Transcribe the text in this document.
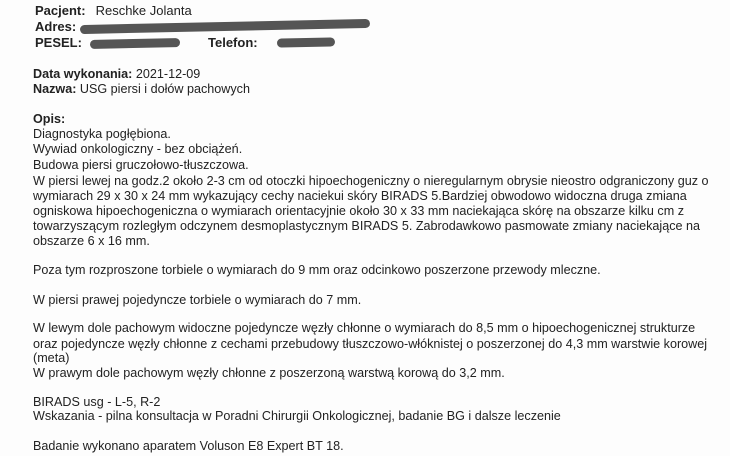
Pacjent: Reschke Jolanta
Adres:
PESEL:	Telefon:
Data wykonania: 2021-12-09
Nazwa: USG piersi i dołów pachowych
Opis:
Diagnostyka pogłębiona.
Wywiad onkologiczny - bez obciążeń.
Budowa piersi gruczołowo-tłuszczowa.
W piersi lewej na godz.2 około 2-3 cm od otoczki hipoechogeniczny o nieregularnym obrysie nieostro odgraniczony guz o
wymiarach 29 x 30 x 24 mm wykazujący cechy naciekui skóry BIRADS 5.Bardziej obwodowo widoczna druga zmiana
ogniskowa hipoechogeniczna o wymiarach orientacyjnie około 30 x 33 mm naciekająca skórę na obszarze kilku cm z
towarzyszącym rozległym odczynem desmoplastycznym BIRADS 5. Zabrodawkowo pasmowate zmiany naciekające na
obszarze 6 x 16 mm.
Poza tym rozproszone torbiele o wymiarach do 9 mm oraz odcinkowo poszerzone przewody mleczne.
W piersi prawej pojedyncze torbiele o wymiarach do 7 mm.
W lewym dole pachowym widoczne pojedyncze węzły chłonne o wymiarach do 8,5 mm o hipoechogenicznej strukturze
oraz pojedyncze węzły chłonne z cechami przebudowy tłuszczowo-włóknistej o poszerzonej do 4,3 mm warstwie korowej
(meta)
W prawym dole pachowym węzły chłonne z poszerzoną warstwą korową do 3,2 mm.
BIRADS usg - L-5, R-2
Wskazania - pilna konsultacja w Poradni Chirurgii Onkologicznej, badanie BG i dalsze leczenie
Badanie wykonano aparatem Voluson E8 Expert BT 18.
